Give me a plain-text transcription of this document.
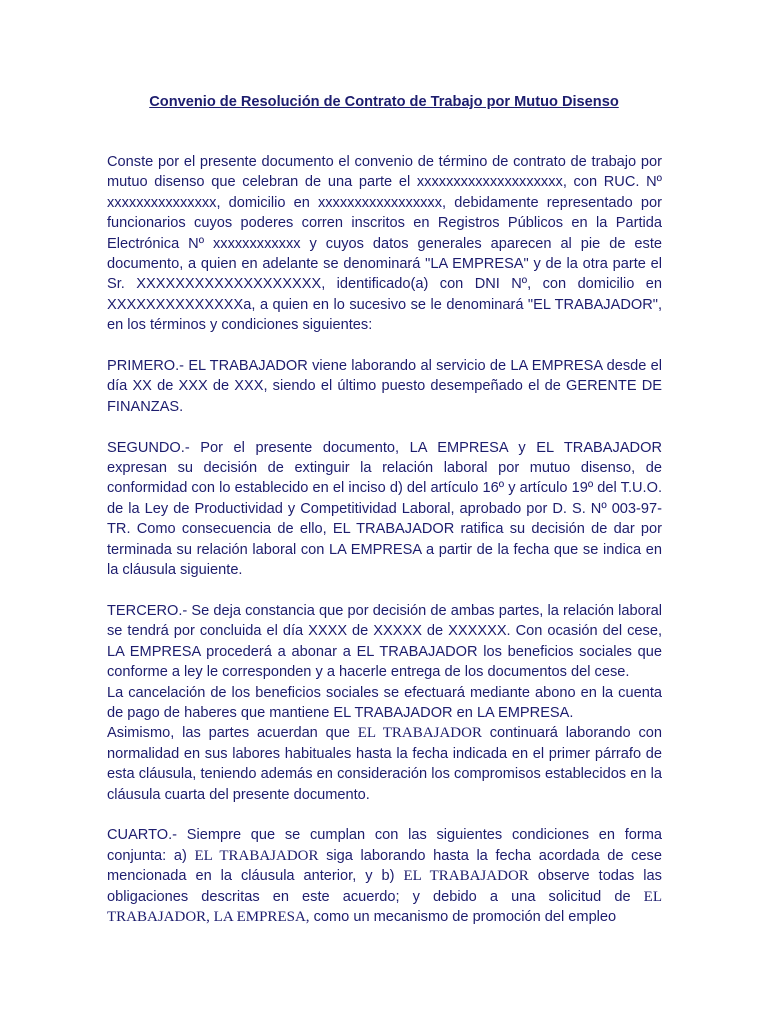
Convenio de Resolución de Contrato de Trabajo por Mutuo Disenso

Conste por el presente documento el convenio de término de contrato de trabajo por mutuo disenso que celebran de una parte el xxxxxxxxxxxxxxxxxxxx, con RUC. Nº xxxxxxxxxxxxxxx, domicilio en xxxxxxxxxxxxxxxxx, debidamente representado por funcionarios cuyos poderes corren inscritos en Registros Públicos en la Partida Electrónica Nº xxxxxxxxxxxx y cuyos datos generales aparecen al pie de este documento, a quien en adelante se denominará "LA EMPRESA" y de la otra parte el Sr. XXXXXXXXXXXXXXXXXXX, identificado(a) con DNI Nº, con domicilio en XXXXXXXXXXXXXXa, a quien en lo sucesivo se le denominará "EL TRABAJADOR", en los términos y condiciones siguientes:

PRIMERO.- EL TRABAJADOR viene laborando al servicio de LA EMPRESA desde el día XX de XXX de XXX, siendo el último puesto desempeñado el de GERENTE DE FINANZAS.

SEGUNDO.- Por el presente documento, LA EMPRESA y EL TRABAJADOR expresan su decisión de extinguir la relación laboral por mutuo disenso, de conformidad con lo establecido en el inciso d) del artículo 16º y artículo 19º del T.U.O. de la Ley de Productividad y Competitividad Laboral, aprobado por D. S. Nº 003-97-TR. Como consecuencia de ello, EL TRABAJADOR ratifica su decisión de dar por terminada su relación laboral con LA EMPRESA a partir de la fecha que se indica en la cláusula siguiente.

TERCERO.- Se deja constancia que por decisión de ambas partes, la relación laboral se tendrá por concluida el día XXXX de XXXXX de XXXXXX. Con ocasión del cese, LA EMPRESA procederá a abonar a EL TRABAJADOR los beneficios sociales que conforme a ley le corresponden y a hacerle entrega de los documentos del cese.

La cancelación de los beneficios sociales se efectuará mediante abono en la cuenta de pago de haberes que mantiene EL TRABAJADOR en LA EMPRESA.

Asimismo, las partes acuerdan que EL TRABAJADOR continuará laborando con normalidad en sus labores habituales hasta la fecha indicada en el primer párrafo de esta cláusula, teniendo además en consideración los compromisos establecidos en la cláusula cuarta del presente documento.

CUARTO.- Siempre que se cumplan con las siguientes condiciones en forma conjunta: a) EL TRABAJADOR siga laborando hasta la fecha acordada de cese mencionada en la cláusula anterior, y b) EL TRABAJADOR observe todas las obligaciones descritas en este acuerdo; y debido a una solicitud de EL TRABAJADOR, LA EMPRESA, como un mecanismo de promoción del empleo
